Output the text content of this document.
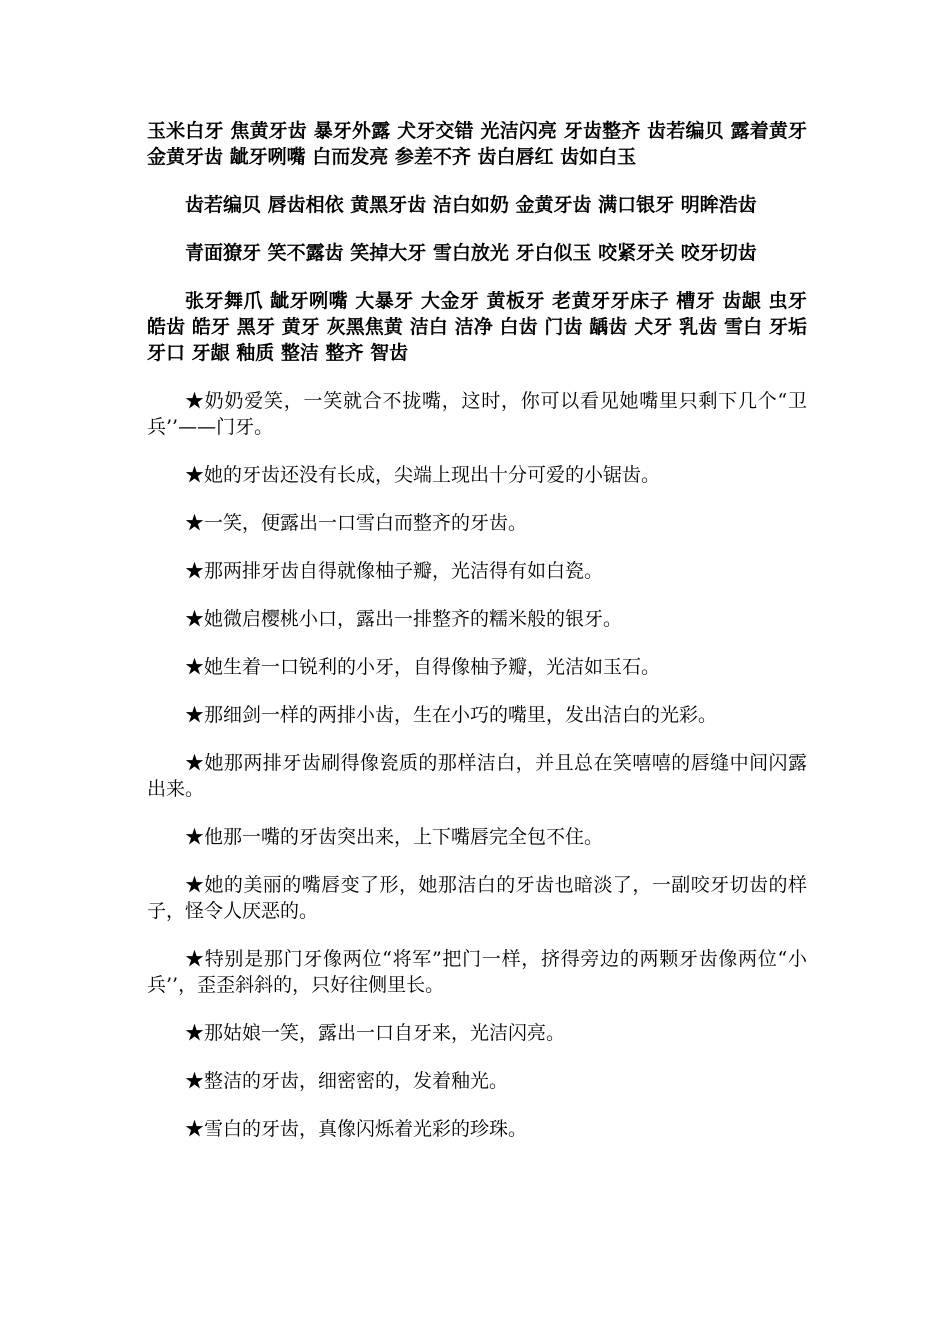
玉米白牙 焦黄牙齿 暴牙外露 犬牙交错 光洁闪亮 牙齿整齐 齿若编贝 露着黄牙 金黄牙齿 龇牙咧嘴 白而发亮 参差不齐 齿白唇红 齿如白玉

齿若编贝 唇齿相依 黄黑牙齿 洁白如奶 金黄牙齿 满口银牙 明眸浩齿

青面獠牙 笑不露齿 笑掉大牙 雪白放光 牙白似玉 咬紧牙关 咬牙切齿

张牙舞爪 龇牙咧嘴 大暴牙 大金牙 黄板牙 老黄牙牙床子 槽牙 齿龈 虫牙 皓齿 皓牙 黑牙 黄牙 灰黑焦黄 洁白 洁净 白齿 门齿 龋齿 犬牙 乳齿 雪白 牙垢 牙口 牙龈 釉质 整洁 整齐 智齿

★奶奶爱笑，一笑就合不拢嘴，这时，你可以看见她嘴里只剩下几个“卫兵’’——门牙。

★她的牙齿还没有长成，尖端上现出十分可爱的小锯齿。

★一笑，便露出一口雪白而整齐的牙齿。

★那两排牙齿自得就像柚子瓣，光洁得有如白瓷。

★她微启樱桃小口，露出一排整齐的糯米般的银牙。

★她生着一口锐利的小牙，自得像柚予瓣，光洁如玉石。

★那细剑一样的两排小齿，生在小巧的嘴里，发出洁白的光彩。

★她那两排牙齿刷得像瓷质的那样洁白，并且总在笑嘻嘻的唇缝中间闪露出来。

★他那一嘴的牙齿突出来，上下嘴唇完全包不住。

★她的美丽的嘴唇变了形，她那洁白的牙齿也暗淡了，一副咬牙切齿的样子，怪令人厌恶的。

★特别是那门牙像两位“将军”把门一样，挤得旁边的两颗牙齿像两位“小兵’’，歪歪斜斜的，只好往侧里长。

★那姑娘一笑，露出一口自牙来，光洁闪亮。

★整洁的牙齿，细密密的，发着釉光。

★雪白的牙齿，真像闪烁着光彩的珍珠。
